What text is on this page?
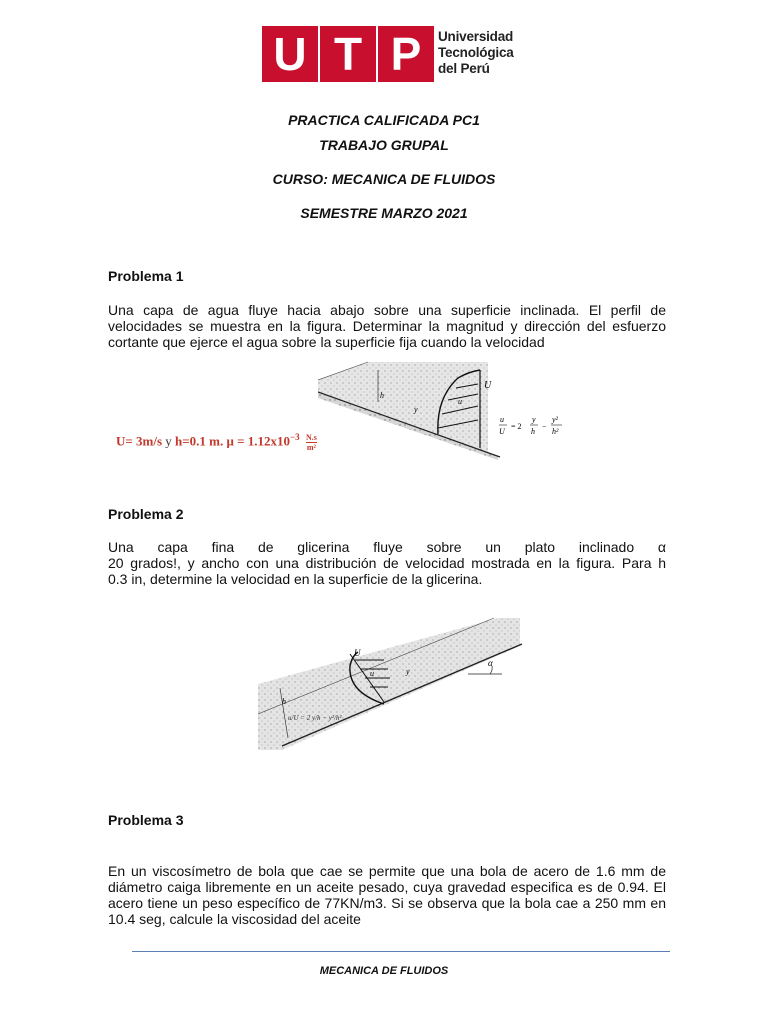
U T P	Universidad
Tecnológica
del Perú
PRACTICA CALIFICADA PC1
TRABAJO GRUPAL
CURSO: MECANICA DE FLUIDOS
SEMESTRE MARZO 2021
Problema 1
Una capa de agua fluye hacia abajo sobre una superficie inclinada. El perfil de velocidades se muestra en la figura. Determinar la magnitud y dirección del esfuerzo cortante que ejerce el agua sobre la superficie fija cuando la velocidad
U= 3m/s y h=0.1 m. $\mu = 1.12x10^{-3} \frac{N.s}{\text{m²}}$
U
u
y
h
u
U
= 2
y
h
−
y²
h²
Problema 2
Una capa fina de glicerina fluye sobre un plato inclinado α
20 grados!, y ancho con una distribución de velocidad mostrada en la figura. Para h
0.3 in, determine la velocidad en la superficie de la glicerina.
α
U
u	y
h
u/U = 2 y/h − y²/h²
Problema 3
En un viscosímetro de bola que cae se permite que una bola de acero de 1.6 mm de diámetro caiga libremente en un aceite pesado, cuya gravedad especifica es de 0.94. El acero tiene un peso específico de 77KN/m3. Si se observa que la bola cae a 250 mm en 10.4 seg, calcule la viscosidad del aceite
MECANICA DE FLUIDOS
